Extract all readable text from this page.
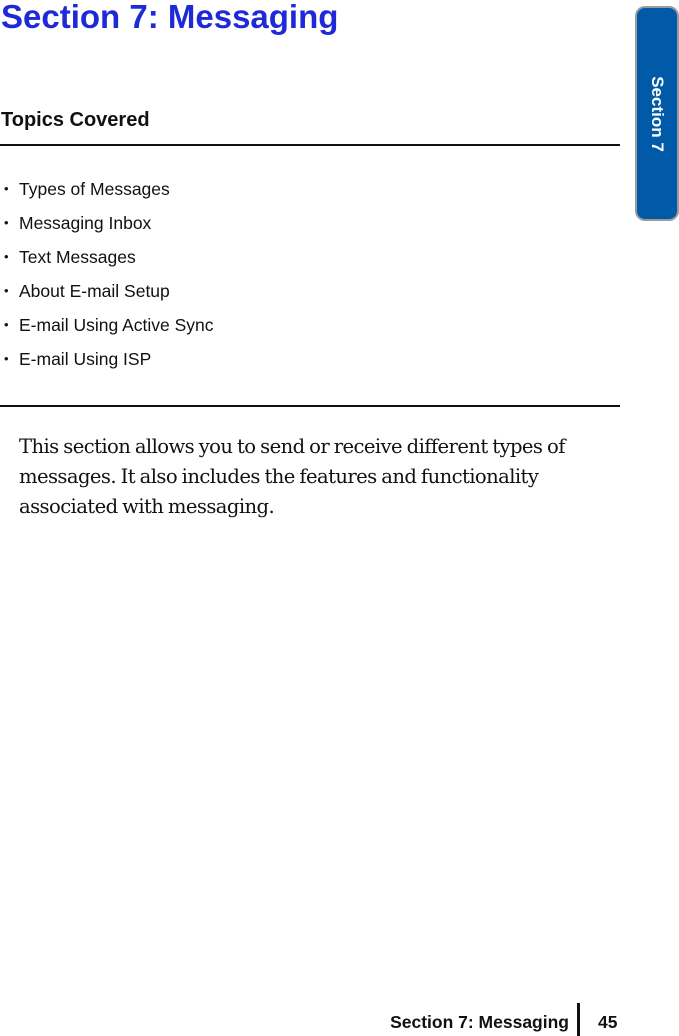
Section 7: Messaging
Section 7
Topics Covered
• Types of Messages
• Messaging Inbox
• Text Messages
• About E-mail Setup
• E-mail Using Active Sync
• E-mail Using ISP

This section allows you to send or receive different types of messages. It also includes the features and functionality associated with messaging.

Section 7: Messaging 45
